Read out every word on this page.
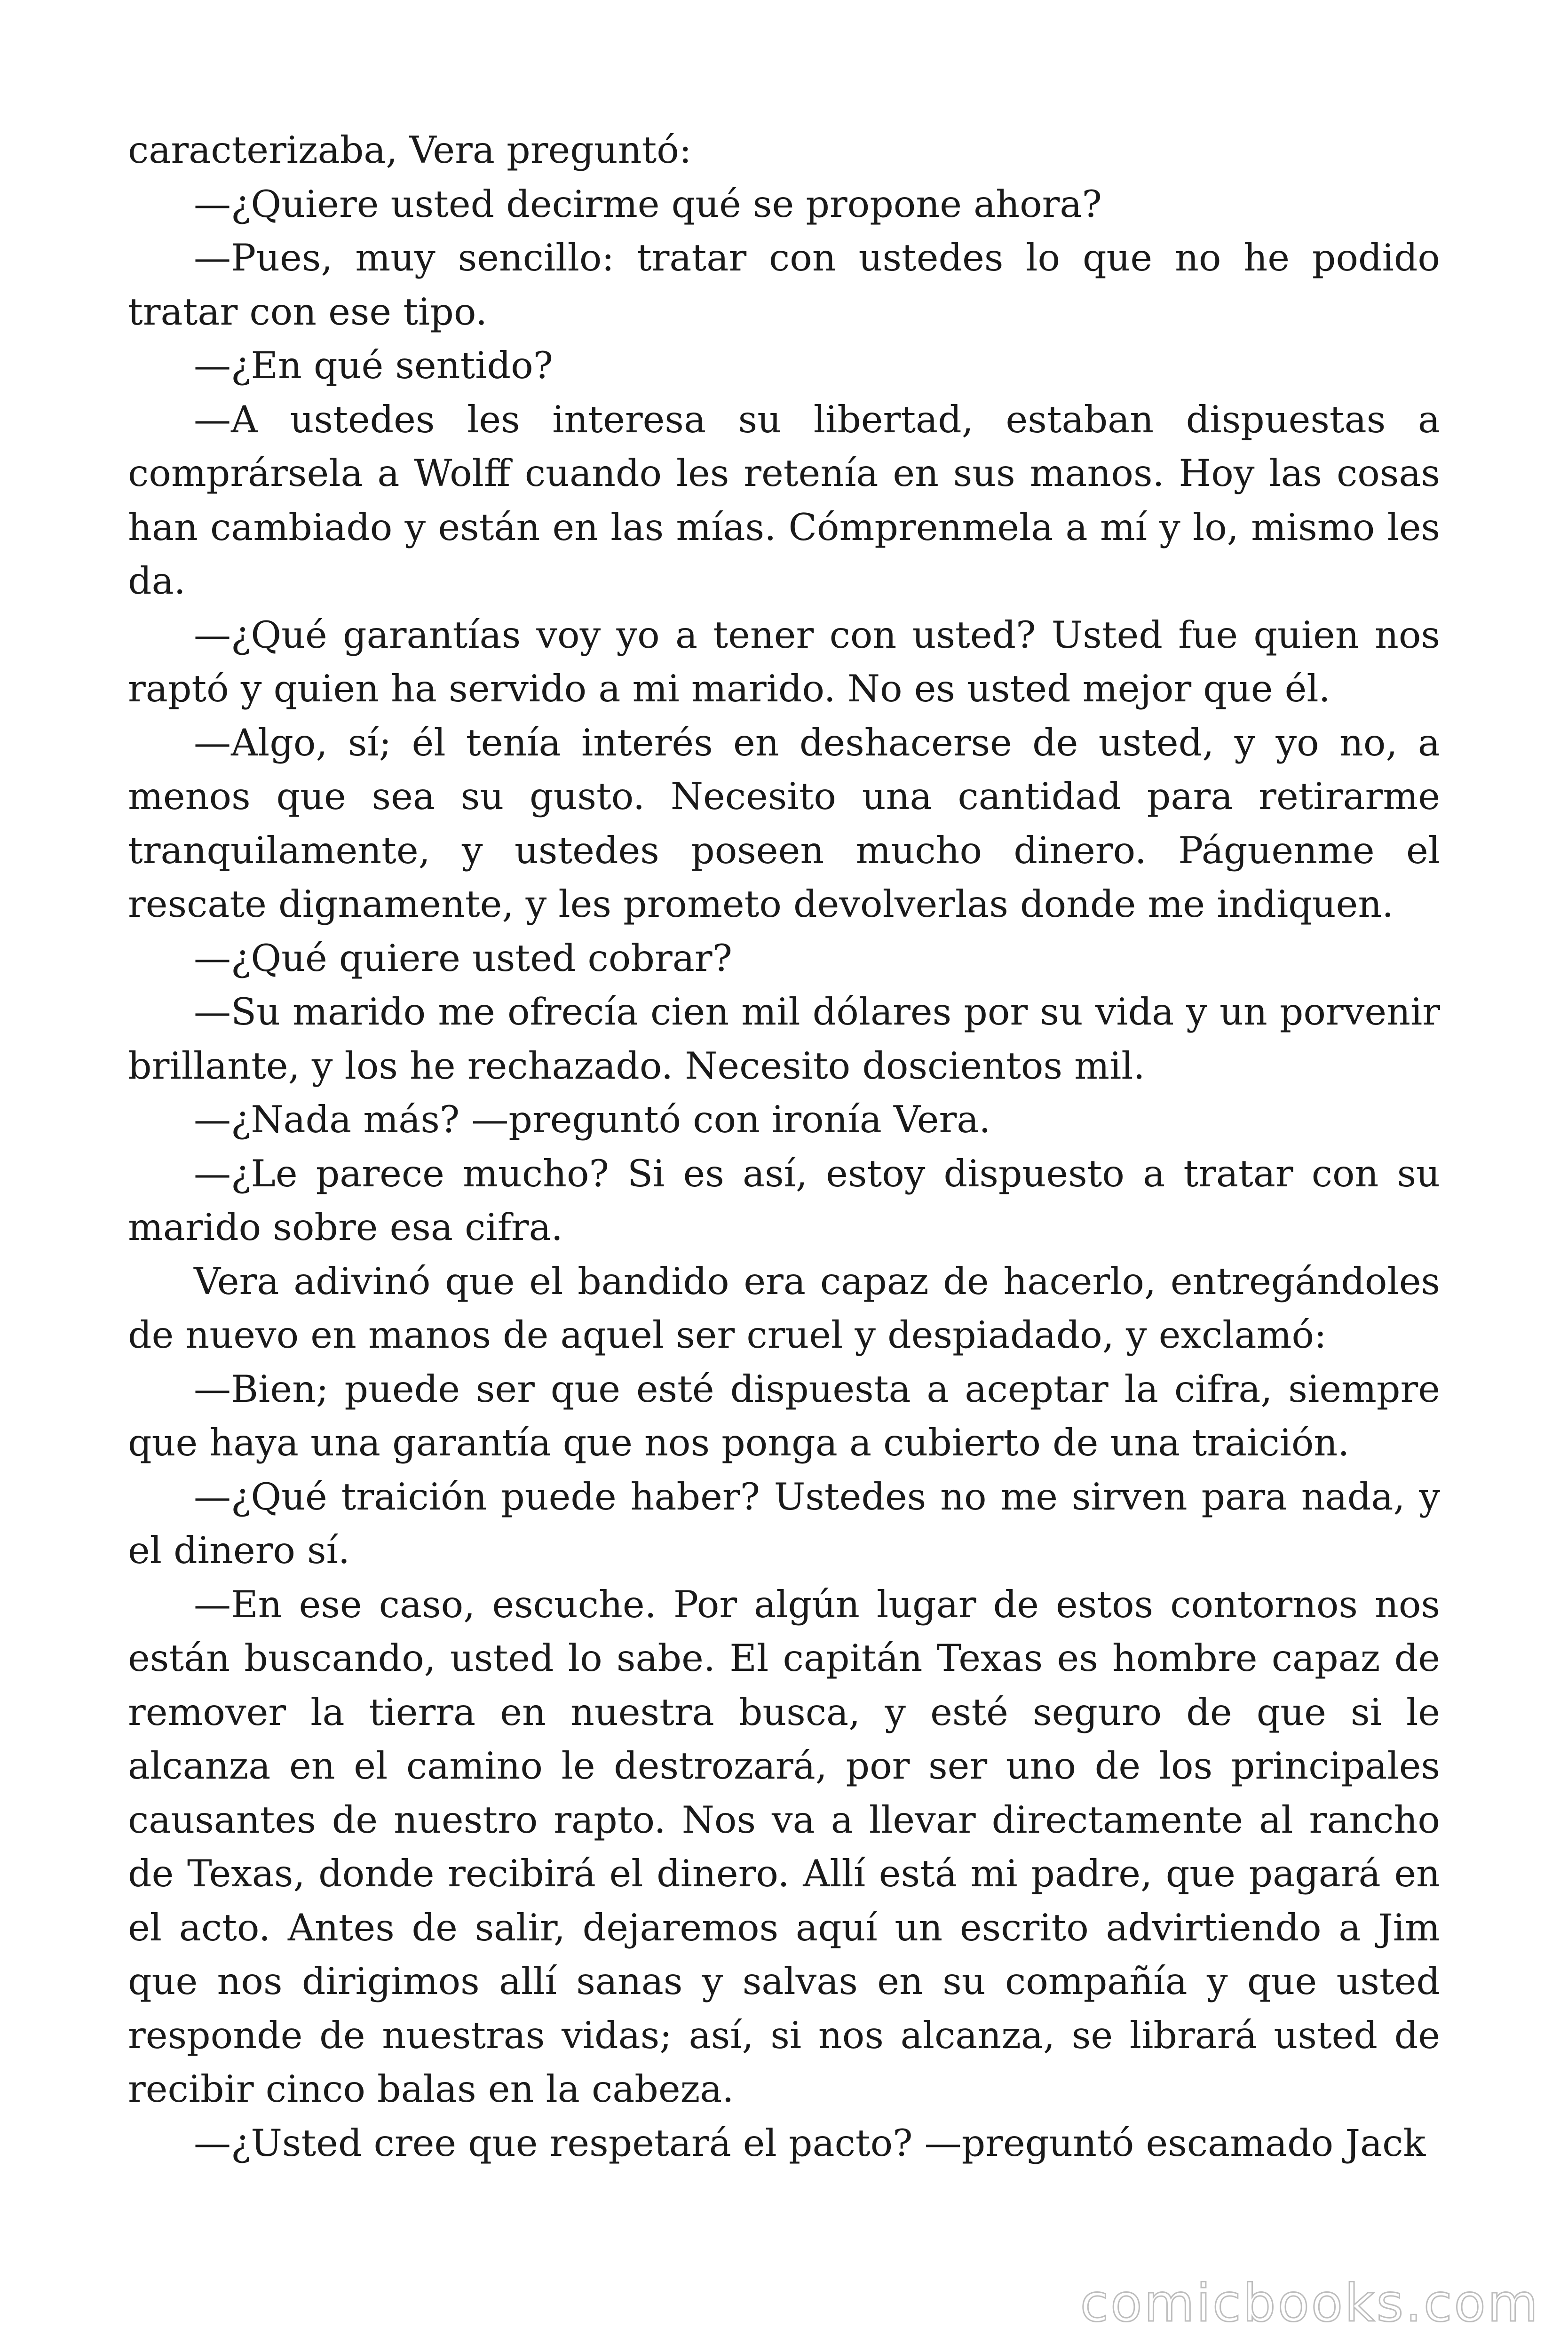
caracterizaba, Vera preguntó:

—¿Quiere usted decirme qué se propone ahora?

—Pues, muy sencillo: tratar con ustedes lo que no he podido tratar con ese tipo.

—¿En qué sentido?

—A ustedes les interesa su libertad, estaban dispuestas a comprársela a Wolff cuando les retenía en sus manos. Hoy las cosas han cambiado y están en las mías. Cómprenmela a mí y lo, mismo les da.

—¿Qué garantías voy yo a tener con usted? Usted fue quien nos raptó y quien ha servido a mi marido. No es usted mejor que él.

—Algo, sí; él tenía interés en deshacerse de usted, y yo no, a menos que sea su gusto. Necesito una cantidad para retirarme tranquilamente, y ustedes poseen mucho dinero. Páguenme el rescate dignamente, y les prometo devolverlas donde me indiquen.

—¿Qué quiere usted cobrar?

—Su marido me ofrecía cien mil dólares por su vida y un porvenir brillante, y los he rechazado. Necesito doscientos mil.

—¿Nada más? —preguntó con ironía Vera.

—¿Le parece mucho? Si es así, estoy dispuesto a tratar con su marido sobre esa cifra.

Vera adivinó que el bandido era capaz de hacerlo, entregándoles de nuevo en manos de aquel ser cruel y despiadado, y exclamó:

—Bien; puede ser que esté dispuesta a aceptar la cifra, siempre que haya una garantía que nos ponga a cubierto de una traición.

—¿Qué traición puede haber? Ustedes no me sirven para nada, y el dinero sí.

—En ese caso, escuche. Por algún lugar de estos contornos nos están buscando, usted lo sabe. El capitán Texas es hombre capaz de remover la tierra en nuestra busca, y esté seguro de que si le alcanza en el camino le destrozará, por ser uno de los principales causantes de nuestro rapto. Nos va a llevar directamente al rancho de Texas, donde recibirá el dinero. Allí está mi padre, que pagará en el acto. Antes de salir, dejaremos aquí un escrito advirtiendo a Jim que nos dirigimos allí sanas y salvas en su compañía y que usted responde de nuestras vidas; así, si nos alcanza, se librará usted de recibir cinco balas en la cabeza.

—¿Usted cree que respetará el pacto? —preguntó escamado Jack

comicbooks.com
